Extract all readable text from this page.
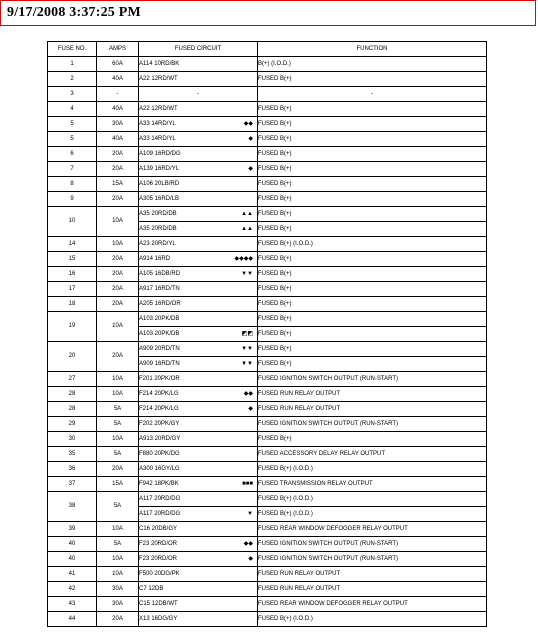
9/17/2008 3:37:25 PM
FUSE NO.	AMPS	FUSED CIRCUIT	FUNCTION
1	60A	A114 10RD/BK	B(+) (I.O.D.)
2	40A	A22 12RD/WT	FUSED B(+)
3	-	-	-
4	40A	A22 12RD/WT	FUSED B(+)
5	30A	A33 14RD/YL ◆◆	FUSED B(+)
5	40A	A33 14RD/YL ◆	FUSED B(+)
6	20A	A109 16RD/DG	FUSED B(+)
7	20A	A139 16RD/YL ◆	FUSED B(+)
8	15A	A106 20LB/RD	FUSED B(+)
9	20A	A305 16RD/LB	FUSED B(+)
10	10A	A35 20RD/DB ▲▲	FUSED B(+)

		A35 20RD/DB ▲▲	FUSED B(+)
14	10A	A23 20RD/YL	FUSED B(+) (I.O.D.)
15	20A	A914 16RD ◆◆◆◆	FUSED B(+)
16	20A	A105 16DB/RD ▼▼	FUSED B(+)
17	20A	A917 16RD/TN	FUSED B(+)
18	20A	A205 16RD/OR	FUSED B(+)
19	10A	A103 20PK/DB	FUSED B(+)

		A103 20PK/DB ◩◩	FUSED B(+)
20	20A	A909 20RD/TN ▼▼	FUSED B(+)

		A909 16RD/TN ▼▼	FUSED B(+)
27	10A	F201 20PK/OR	FUSED IGNITION SWITCH OUTPUT (RUN-START)
28	10A	F214 20PK/LG ◆◆	FUSED RUN RELAY OUTPUT
28	5A	F214 20PK/LG ◆	FUSED RUN RELAY OUTPUT
29	5A	F202 20PK/GY	FUSED IGNITION SWITCH OUTPUT (RUN-START)
30	10A	A913 20RD/GY	FUSED B(+)
35	5A	F880 20PK/DG	FUSED ACCESSORY DELAY RELAY OUTPUT
36	20A	A300 16GY/LG	FUSED B(+) (I.O.D.)
37	15A	F942 18PK/BK ■■■	FUSED TRANSMISSION RELAY OUTPUT
38	5A	A117 20RD/DG	FUSED B(+) (I.O.D.)

		A117 20RD/DG ▼	FUSED B(+) (I.O.D.)
39	10A	C16 20DB/GY	FUSED REAR WINDOW DEFOGGER RELAY OUTPUT
40	5A	F23 20RD/OR ◆◆	FUSED IGNITION SWITCH OUTPUT (RUN-START)
40	10A	F23 20RD/OR ◆	FUSED IGNITION SWITCH OUTPUT (RUN-START)
41	10A	F500 20DG/PK	FUSED RUN RELAY OUTPUT
42	30A	C7 12DB	FUSED RUN RELAY OUTPUT
43	30A	C15 12DB/WT	FUSED REAR WINDOW DEFOGGER RELAY OUTPUT
44	20A	X13 16DG/GY	FUSED B(+) (I.O.D.)
